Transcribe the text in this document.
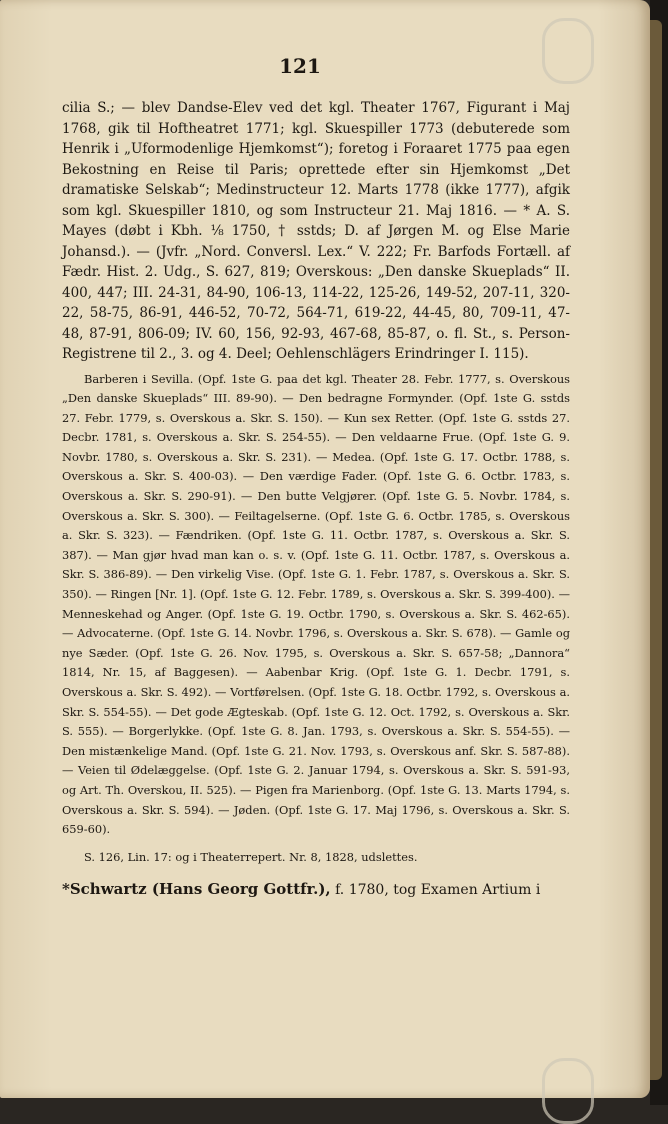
121

cilia S.; — blev Dandse-Elev ved det kgl. Theater 1767, Figurant i Maj 1768, gik til Hoftheatret 1771; kgl. Skuespiller 1773 (debuterede som Henrik i „Uformodenlige Hjemkomst“); foretog i Foraaret 1775 paa egen Bekostning en Reise til Paris; oprettede efter sin Hjemkomst „Det dramatiske Selskab“; Medinstructeur 12. Marts 1778 (ikke 1777), afgik som kgl. Skuespiller 1810, og som Instructeur 21. Maj 1816. — * A. S. Mayes (døbt i Kbh. ⅛ 1750, † sstds; D. af Jørgen M. og Else Marie Johansd.). — (Jvfr. „Nord. Conversl. Lex.“ V. 222; Fr. Barfods Fortæll. af Fædr. Hist. 2. Udg., S. 627, 819; Overskous: „Den danske Skueplads“ II. 400, 447; III. 24-31, 84-90, 106-13, 114-22, 125-26, 149-52, 207-11, 320-22, 58-75, 86-91, 446-52, 70-72, 564-71, 619-22, 44-45, 80, 709-11, 47-48, 87-91, 806-09; IV. 60, 156, 92-93, 467-68, 85-87, o. fl. St., s. Person-Registrene til 2., 3. og 4. Deel; Oehlenschlägers Erindringer I. 115).

Barberen i Sevilla. (Opf. 1ste G. paa det kgl. Theater 28. Febr. 1777, s. Overskous „Den danske Skueplads“ III. 89-90). — Den bedragne Formynder. (Opf. 1ste G. sstds 27. Febr. 1779, s. Overskous a. Skr. S. 150). — Kun sex Retter. (Opf. 1ste G. sstds 27. Decbr. 1781, s. Overskous a. Skr. S. 254-55). — Den veldaarne Frue. (Opf. 1ste G. 9. Novbr. 1780, s. Overskous a. Skr. S. 231). — Medea. (Opf. 1ste G. 17. Octbr. 1788, s. Overskous a. Skr. S. 400-03). — Den værdige Fader. (Opf. 1ste G. 6. Octbr. 1783, s. Overskous a. Skr. S. 290-91). — Den butte Velgjører. (Opf. 1ste G. 5. Novbr. 1784, s. Overskous a. Skr. S. 300). — Feiltagelserne. (Opf. 1ste G. 6. Octbr. 1785, s. Overskous a. Skr. S. 323). — Fændriken. (Opf. 1ste G. 11. Octbr. 1787, s. Overskous a. Skr. S. 387). — Man gjør hvad man kan o. s. v. (Opf. 1ste G. 11. Octbr. 1787, s. Overskous a. Skr. S. 386-89). — Den virkelig Vise. (Opf. 1ste G. 1. Febr. 1787, s. Overskous a. Skr. S. 350). — Ringen [Nr. 1]. (Opf. 1ste G. 12. Febr. 1789, s. Overskous a. Skr. S. 399-400). — Menneskehad og Anger. (Opf. 1ste G. 19. Octbr. 1790, s. Overskous a. Skr. S. 462-65). — Advocaterne. (Opf. 1ste G. 14. Novbr. 1796, s. Overskous a. Skr. S. 678). — Gamle og nye Sæder. (Opf. 1ste G. 26. Nov. 1795, s. Overskous a. Skr. S. 657-58; „Dannora“ 1814, Nr. 15, af Baggesen). — Aabenbar Krig. (Opf. 1ste G. 1. Decbr. 1791, s. Overskous a. Skr. S. 492). — Vortførelsen. (Opf. 1ste G. 18. Octbr. 1792, s. Overskous a. Skr. S. 554-55). — Det gode Ægteskab. (Opf. 1ste G. 12. Oct. 1792, s. Overskous a. Skr. S. 555). — Borgerlykke. (Opf. 1ste G. 8. Jan. 1793, s. Overskous a. Skr. S. 554-55). — Den mistænkelige Mand. (Opf. 1ste G. 21. Nov. 1793, s. Overskous anf. Skr. S. 587-88). — Veien til Ødelæggelse. (Opf. 1ste G. 2. Januar 1794, s. Overskous a. Skr. S. 591-93, og Art. Th. Overskou, II. 525). — Pigen fra Marienborg. (Opf. 1ste G. 13. Marts 1794, s. Overskous a. Skr. S. 594). — Jøden. (Opf. 1ste G. 17. Maj 1796, s. Overskous a. Skr. S. 659-60).

S. 126, Lin. 17: og i Theaterrepert. Nr. 8, 1828, udslettes.

*Schwartz (Hans Georg Gottfr.), f. 1780, tog Examen Artium i
